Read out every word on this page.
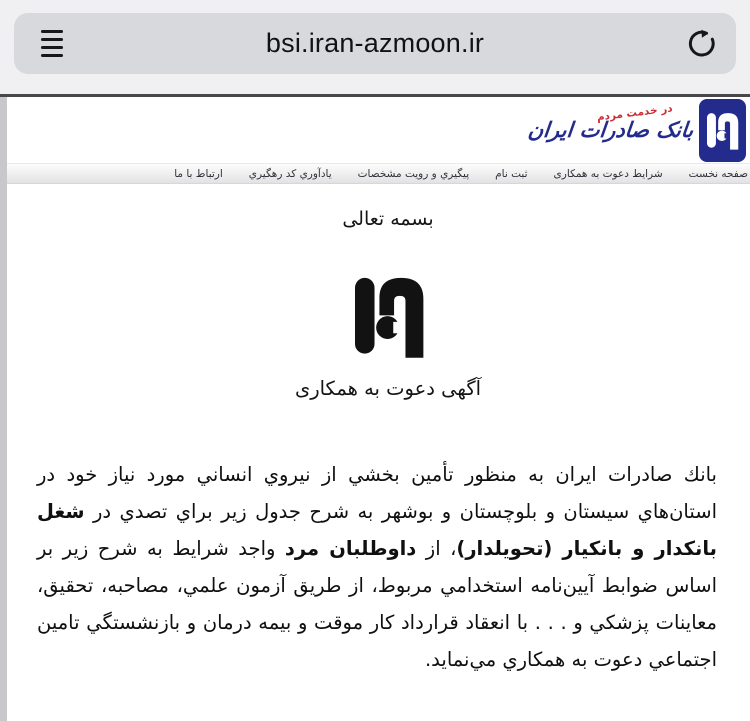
bsi.iran-azmoon.ir
در خدمت مردم
بانک صادرات ایران
صفحه نخست
شرایط دعوت به همکاری
ثبت نام
پیگیري و رویت مشخصات
یادآوري کد رهگیري
ارتباط با ما
بسمه تعالی
آگهی دعوت به همکاری

بانك صادرات ايران به منظور تأمين بخشي از نيروي انساني مورد نياز خود در استان‌هاي سيستان و بلوچستان و بوشهر به شرح جدول زير براي تصدي در شغل بانكدار و بانكيار (تحويلدار)، از داوطلبان مرد واجد شرايط به شرح زير بر اساس ضوابط آيين‌نامه استخدامي مربوط، از طريق آزمون علمي، مصاحبه، تحقيق، معاينات پزشكي و . . . با انعقاد قرارداد كار موقت و بيمه درمان و بازنشستگي تامين اجتماعي دعوت به همكاري مي‌نمايد.
